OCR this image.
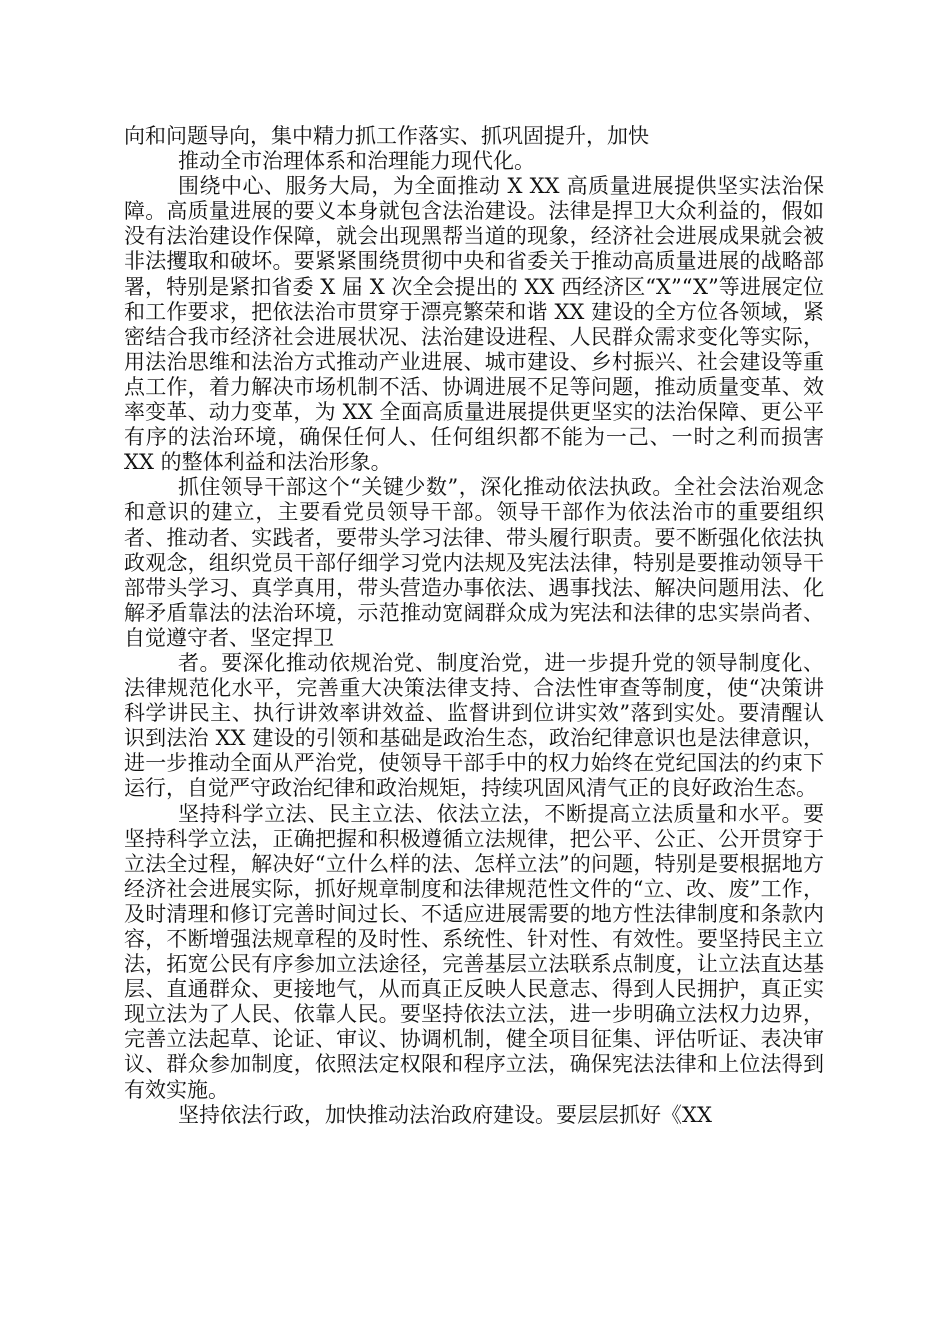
向和问题导向，集中精力抓工作落实、抓巩固提升，加快

推动全市治理体系和治理能力现代化。

围绕中心、服务大局，为全面推动 X XX 高质量进展提供坚实法治保障。高质量进展的要义本身就包含法治建设。法律是捍卫大众利益的，假如没有法治建设作保障，就会出现黑帮当道的现象，经济社会进展成果就会被非法攫取和破坏。要紧紧围绕贯彻中央和省委关于推动高质量进展的战略部署，特别是紧扣省委 X 届 X 次全会提出的 XX 西经济区“X”“X”等进展定位和工作要求，把依法治市贯穿于漂亮繁荣和谐 XX 建设的全方位各领域，紧密结合我市经济社会进展状况、法治建设进程、人民群众需求变化等实际，用法治思维和法治方式推动产业进展、城市建设、乡村振兴、社会建设等重点工作，着力解决市场机制不活、协调进展不足等问题，推动质量变革、效率变革、动力变革，为 XX 全面高质量进展提供更坚实的法治保障、更公平有序的法治环境，确保任何人、任何组织都不能为一己、一时之利而损害 XX 的整体利益和法治形象。

抓住领导干部这个“关键少数”，深化推动依法执政。全社会法治观念和意识的建立，主要看党员领导干部。领导干部作为依法治市的重要组织者、推动者、实践者，要带头学习法律、带头履行职责。要不断强化依法执政观念，组织党员干部仔细学习党内法规及宪法法律，特别是要推动领导干部带头学习、真学真用，带头营造办事依法、遇事找法、解决问题用法、化解矛盾靠法的法治环境，示范推动宽阔群众成为宪法和法律的忠实崇尚者、自觉遵守者、坚定捍卫

者。要深化推动依规治党、制度治党，进一步提升党的领导制度化、法律规范化水平，完善重大决策法律支持、合法性审查等制度，使“决策讲科学讲民主、执行讲效率讲效益、监督讲到位讲实效”落到实处。要清醒认识到法治 XX 建设的引领和基础是政治生态，政治纪律意识也是法律意识，进一步推动全面从严治党，使领导干部手中的权力始终在党纪国法的约束下运行，自觉严守政治纪律和政治规矩，持续巩固风清气正的良好政治生态。

坚持科学立法、民主立法、依法立法，不断提高立法质量和水平。要坚持科学立法，正确把握和积极遵循立法规律，把公平、公正、公开贯穿于立法全过程，解决好“立什么样的法、怎样立法”的问题，特别是要根据地方经济社会进展实际，抓好规章制度和法律规范性文件的“立、改、废”工作，及时清理和修订完善时间过长、不适应进展需要的地方性法律制度和条款内容，不断增强法规章程的及时性、系统性、针对性、有效性。要坚持民主立法，拓宽公民有序参加立法途径，完善基层立法联系点制度，让立法直达基层、直通群众、更接地气，从而真正反映人民意志、得到人民拥护，真正实现立法为了人民、依靠人民。要坚持依法立法，进一步明确立法权力边界，完善立法起草、论证、审议、协调机制，健全项目征集、评估听证、表决审议、群众参加制度，依照法定权限和程序立法，确保宪法法律和上位法得到有效实施。

坚持依法行政，加快推动法治政府建设。要层层抓好《XX
